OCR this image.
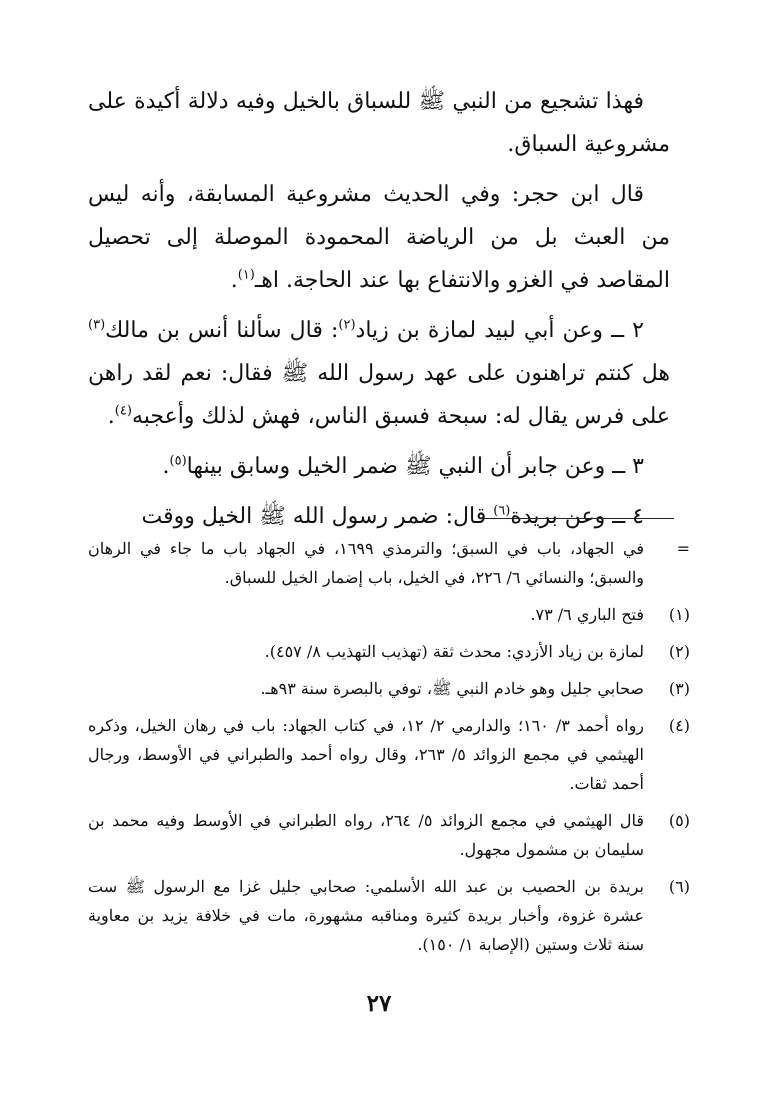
فهذا تشجيع من النبي ﷺ للسباق بالخيل وفيه دلالة أكيدة على مشروعية السباق.

قال ابن حجر: وفي الحديث مشروعية المسابقة، وأنه ليس من العبث بل من الرياضة المحمودة الموصلة إلى تحصيل المقاصد في الغزو والانتفاع بها عند الحاجة. اهـ$^{(١)}$.

٢ ــ وعن أبي لبيد لمازة بن زياد$^{(٢)}$: قال سألنا أنس بن مالك$^{(٣)}$ هل كنتم تراهنون على عهد رسول الله ﷺ فقال: نعم لقد راهن على فرس يقال له: سبحة فسبق الناس، فهش لذلك وأعجبه$^{(٤)}$.

٣ ــ وعن جابر أن النبي ﷺ ضمر الخيل وسابق بينها$^{(٥)}$.

٤ ــ وعن بريدة$^{(٦)}$ قال: ضمر رسول الله ﷺ الخيل ووقت

=
في الجهاد، باب في السبق؛ والترمذي ١٦٩٩، في الجهاد باب ما جاء في الرهان والسبق؛ والنسائي ٦/ ٢٢٦، في الخيل، باب إضمار الخيل للسباق.
(١)
فتح الباري ٦/ ٧٣.
(٢)
لمازة بن زياد الأزدي: محدث ثقة (تهذيب التهذيب ٨/ ٤٥٧).
(٣)
صحابي جليل وهو خادم النبي ﷺ، توفي بالبصرة سنة ٩٣هـ.
(٤)
رواه أحمد ٣/ ١٦٠؛ والدارمي ٢/ ١٢، في كتاب الجهاد: باب في رهان الخيل، وذكره الهيثمي في مجمع الزوائد ٥/ ٢٦٣، وقال رواه أحمد والطبراني في الأوسط، ورجال أحمد ثقات.
(٥)
قال الهيثمي في مجمع الزوائد ٥/ ٢٦٤، رواه الطبراني في الأوسط وفيه محمد بن سليمان بن مشمول مجهول.
(٦)
بريدة بن الحصيب بن عبد الله الأسلمي: صحابي جليل غزا مع الرسول ﷺ ست عشرة غزوة، وأخبار بريدة كثيرة ومناقبه مشهورة، مات في خلافة يزيد بن معاوية سنة ثلاث وستين (الإصابة ١/ ١٥٠).
٢٧
